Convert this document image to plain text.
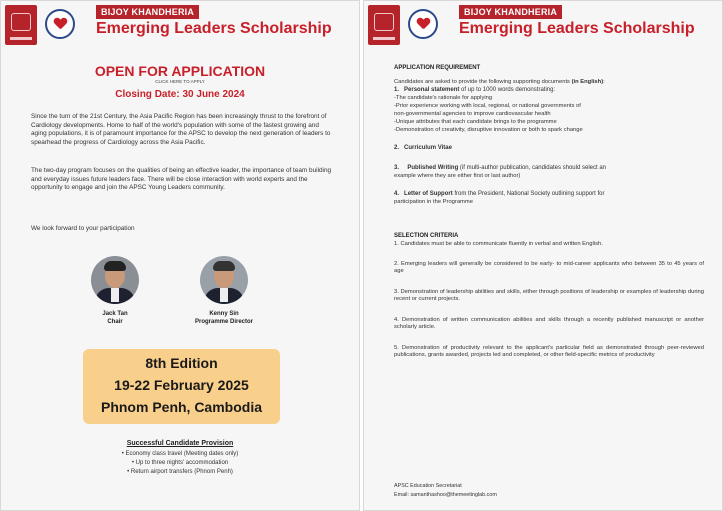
BIJOY KHANDHERIA
Emerging Leaders Scholarship
OPEN FOR APPLICATION
CLICK HERE TO APPLY
Closing Date: 30 June 2024
Since the turn of the 21st Century, the Asia Pacific Region has been increasingly thrust to the forefront of Cardiology developments. Home to half of the world's population with some of the fastest growing and aging populations, it is of paramount importance for the APSC to develop the next generation of leaders to spearhead the progress of Cardiology across the Asia Pacific.
The two-day program focuses on the qualities of being an effective leader, the importance of team building and everyday issues future leaders face. There will be close interaction with world experts and the opportunity to engage and join the APSC Young Leaders community.
We look forward to your participation
Jack Tan
Chair
Kenny Sin
Programme Director
8th Edition
19-22 February 2025
Phnom Penh, Cambodia
Successful Candidate Provision
• Economy class travel (Meeting dates only)
• Up to three nights' accommodation
• Return airport transfers (Phnom Penh)
BIJOY KHANDHERIA
Emerging Leaders Scholarship
APPLICATION REQUIREMENT
Candidates are asked to provide the following supporting documents (in English):
1. Personal statement of up to 1000 words demonstrating:
-The candidate's rationale for applying
-Prior experience working with local, regional, or national governments of
non-governmental agencies to improve cardiovascular health
-Unique attributes that each candidate brings to the programme
-Demonstration of creativity, disruptive innovation or both to spark change
2. Curriculum Vitae
3. Published Writing (if multi-author publication, candidates should select an
example where they are either first or last author)
4. Letter of Support from the President, National Society outlining support for
participation in the Programme
SELECTION CRITERIA
1. Candidates must be able to communicate fluently in verbal and written English.
2. Emerging leaders will generally be considered to be early- to mid-career applicants who between 35 to 45 years of age
3. Demonstration of leadership abilities and skills, either through positions of leadership or examples of leadership during recent or current projects.
4. Demonstration of written communication abilities and skills through a recently published manuscript or another scholarly article.
5. Demonstration of productivity relevant to the applicant's particular field as demonstrated through peer-reviewed publications, grants awarded, projects led and completed, or other field-specific metrics of productivity
APSC Education Secretariat
Email: samanthashoo@themeetinglab.com
